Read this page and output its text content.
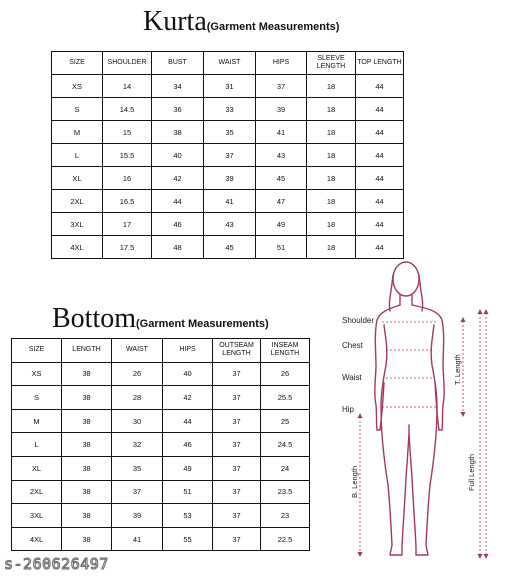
Kurta (Garment Measurements)
SIZE	SHOULDER	BUST	WAIST	HIPS	SLEEVE LENGTH	TOP LENGTH
XS	14	34	31	37	18	44
S	14.5	36	33	39	18	44
M	15	38	35	41	18	44
L	15.5	40	37	43	18	44
XL	16	42	39	45	18	44
2XL	16.5	44	41	47	18	44
3XL	17	46	43	49	18	44
4XL	17.5	48	45	51	18	44
Bottom (Garment Measurements)
SIZE	LENGTH	WAIST	HIPS	OUTSEAM LENGTH	INSEAM LENGTH
XS	38	26	40	37	26
S	38	28	42	37	25.5
M	38	30	44	37	25
L	38	32	46	37	24.5
XL	38	35	49	37	24
2XL	38	37	51	37	23.5
3XL	38	39	53	37	23
4XL	38	41	55	37	22.5
Shoulder
Chest
Waist
Hip
T. Length
B. Length	Full Length
s-260626497
